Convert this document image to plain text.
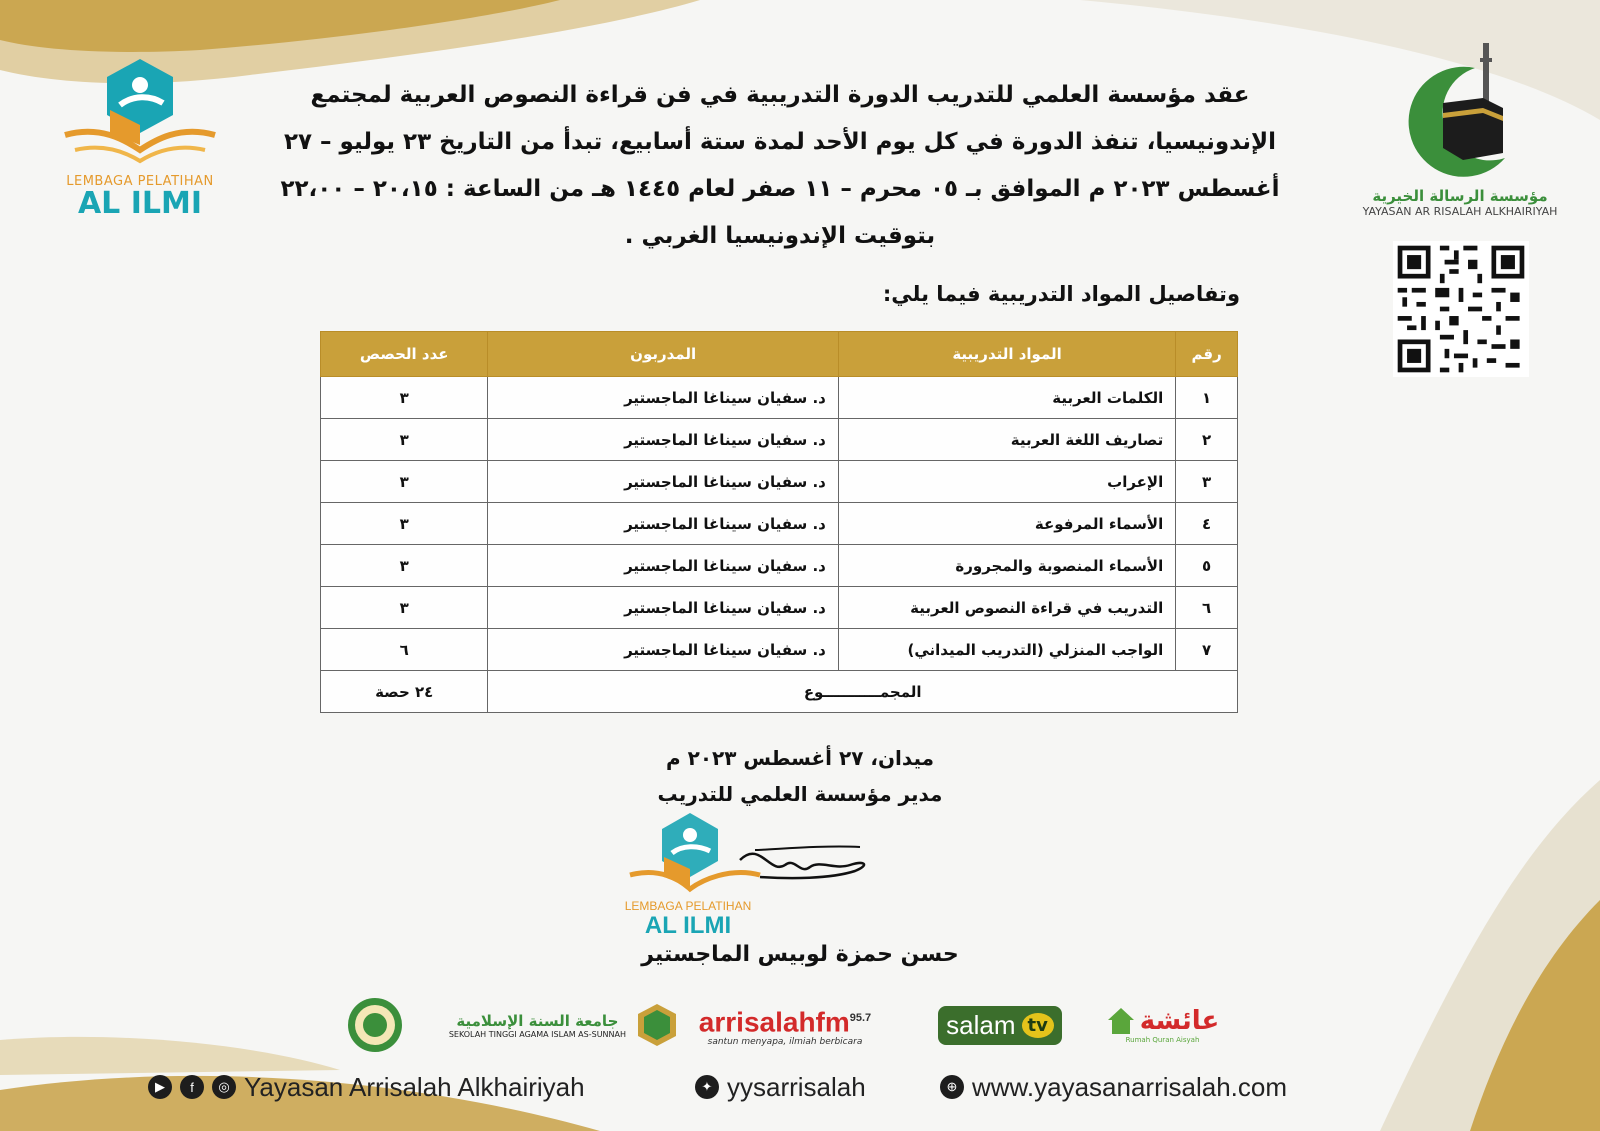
LEMBAGA PELATIHAN
AL ILMI	مؤسسة الرسالة الخيرية
YAYASAN AR RISALAH ALKHAIRIYAH
عقد مؤسسة العلمي للتدريب الدورة التدريبية في فن قراءة النصوص العربية لمجتمع
الإندونيسيا، تنفذ الدورة في كل يوم الأحد لمدة ستة أسابيع، تبدأ من التاريخ ٢٣ يوليو – ٢٧
أغسطس ٢٠٢٣ م الموافق بـ ٠٥ محرم – ١١ صفر لعام ١٤٤٥ هـ من الساعة : ٢٠،١٥ – ٢٢،٠٠
بتوقيت الإندونيسيا الغربي .
وتفاصيل المواد التدريبية فيما يلي:
رقم	المواد التدريبية	المدربون	عدد الحصص
١	الكلمات العربية	د. سفيان سيناغا الماجستير	٣
٢	تصاريف اللغة العربية	د. سفيان سيناغا الماجستير	٣
٣	الإعراب	د. سفيان سيناغا الماجستير	٣
٤	الأسماء المرفوعة	د. سفيان سيناغا الماجستير	٣
٥	الأسماء المنصوبة والمجرورة	د. سفيان سيناغا الماجستير	٣
٦	التدريب في قراءة النصوص العربية	د. سفيان سيناغا الماجستير	٣
٧	الواجب المنزلي (التدريب الميداني)	د. سفيان سيناغا الماجستير	٦
المجمـــــــــــوع			٢٤ حصة
ميدان، ٢٧ أغسطس ٢٠٢٣ م
مدير مؤسسة العلمي للتدريب
LEMBAGA PELATIHAN
AL ILMI
حسن حمزة لوبيس الماجستير
جامعة السنة الإسلامية
SEKOLAH TINGGI AGAMA ISLAM AS-SUNNAH	arrisalahfm$^{95.7}$
santun menyapa, ilmiah berbicara
salam tv	عائشة
Rumah Quran Aisyah
▶	f	◎ Yayasan Arrisalah Alkhairiyah	✦ yysarrisalah	⊕ www.yayasanarrisalah.com
